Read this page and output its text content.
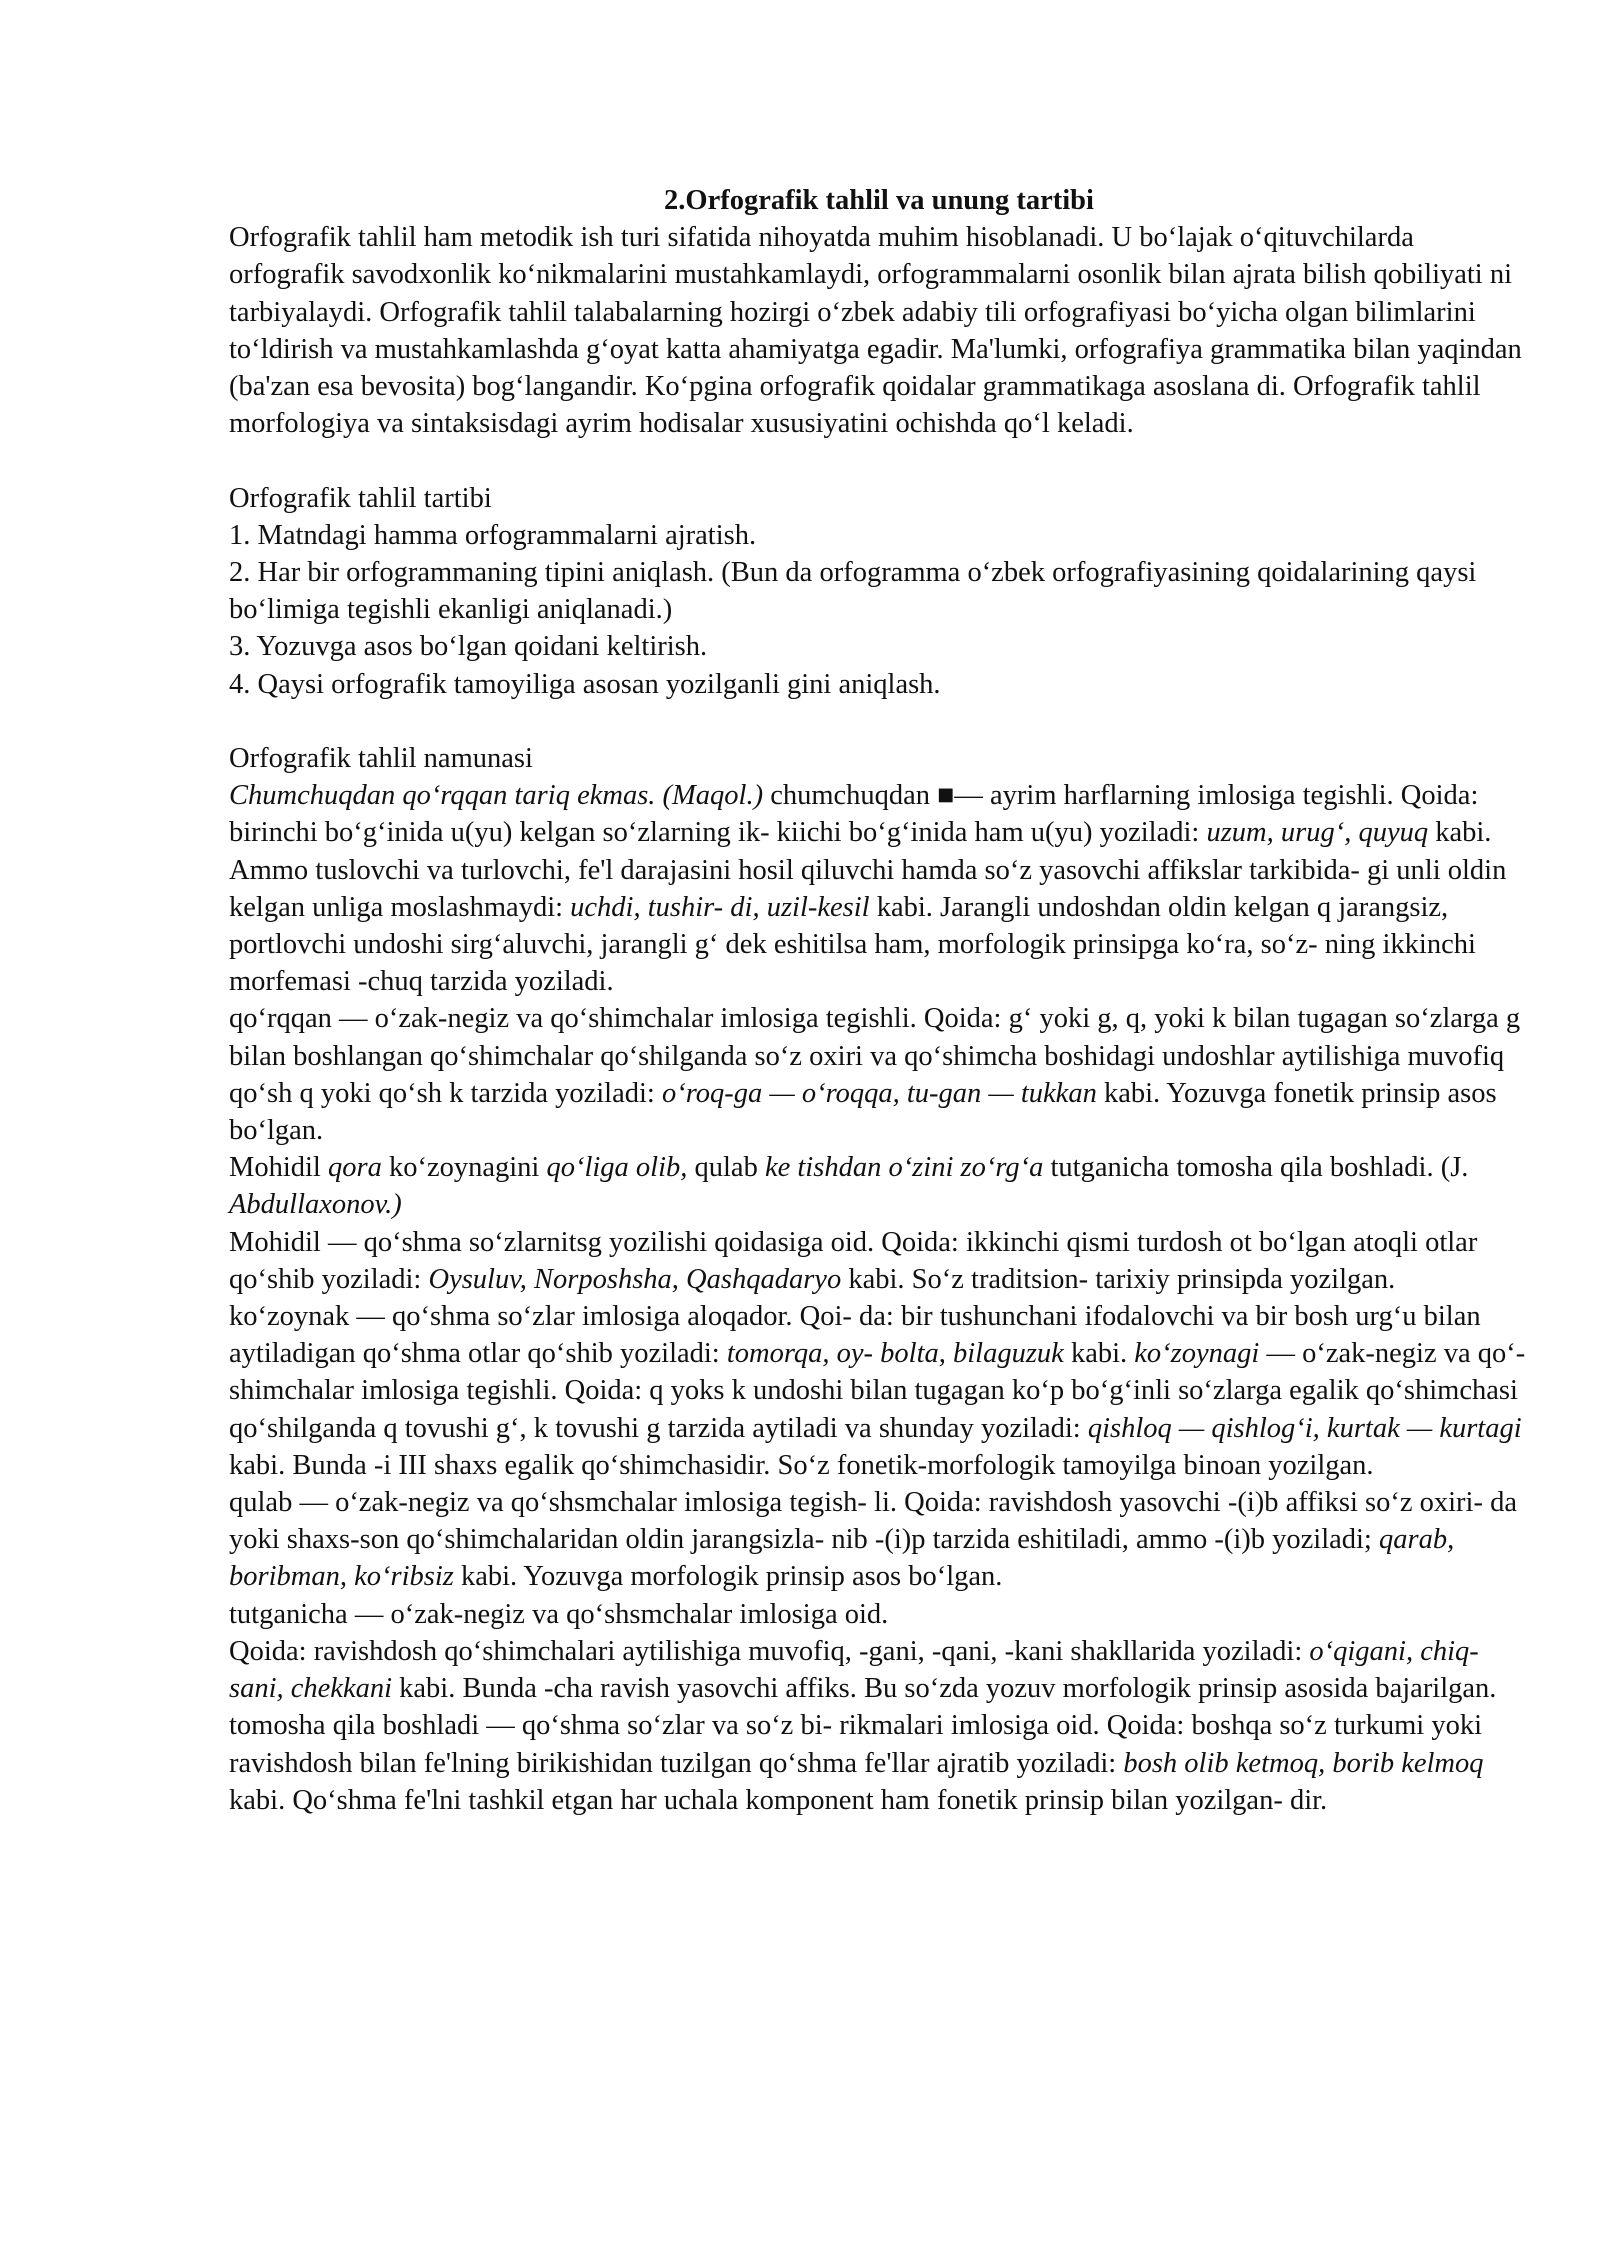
2.Orfografik tahlil va unung tartibi

Orfografik tahlil ham metodik ish turi sifatida nihoyatda muhim hisoblanadi. U bo‘lajak o‘qituvchilarda orfografik savodxonlik ko‘nikmalarini mustahkamlaydi, orfogrammalarni osonlik bilan ajrata bilish qobiliyati ni tarbiyalaydi. Orfografik tahlil talabalarning hozirgi o‘zbek adabiy tili orfografiyasi bo‘yicha olgan bilimlarini to‘ldirish va mustahkamlashda g‘oyat katta ahamiyatga egadir. Ma'lumki, orfografiya grammatika bilan yaqindan (ba'zan esa bevosita) bog‘langandir. Ko‘pgina orfografik qoidalar grammatikaga asoslana di. Orfografik tahlil morfologiya va sintaksisdagi ayrim hodisalar xususiyatini ochishda qo‘l keladi.

Orfografik tahlil tartibi

1. Matndagi hamma orfogrammalarni ajratish.

2. Har bir orfogrammaning tipini aniqlash. (Bun da orfogramma o‘zbek orfografiyasining qoidalarining qaysi bo‘limiga tegishli ekanligi aniqlanadi.)

3. Yozuvga asos bo‘lgan qoidani keltirish.

4. Qaysi orfografik tamoyiliga asosan yozilganli gini aniqlash.

Orfografik tahlil namunasi

Chumchuqdan qo‘rqqan tariq ekmas. (Maqol.) chumchuqdan ■— ayrim harflarning imlosiga tegishli. Qoida: birinchi bo‘g‘inida u(yu) kelgan so‘zlarning ik- kiichi bo‘g‘inida ham u(yu) yoziladi: uzum, urug‘, quyuq kabi. Ammo tuslovchi va turlovchi, fe'l darajasini hosil qiluvchi hamda so‘z yasovchi affikslar tarkibida- gi unli oldin kelgan unliga moslashmaydi: uchdi, tushir- di, uzil-kesil kabi. Jarangli undoshdan oldin kelgan q jarangsiz, portlovchi undoshi sirg‘aluvchi, jarangli g‘ dek eshitilsa ham, morfologik prinsipga ko‘ra, so‘z- ning ikkinchi morfemasi -chuq tarzida yoziladi.

qo‘rqqan — o‘zak-negiz va qo‘shimchalar imlosiga tegishli. Qoida: g‘ yoki g, q, yoki k bilan tugagan so‘zlarga g bilan boshlangan qo‘shimchalar qo‘shilganda so‘z oxiri va qo‘shimcha boshidagi undoshlar aytilishiga muvofiq qo‘sh q yoki qo‘sh k tarzida yoziladi: o‘roq-ga — o‘roqqa, tu-gan — tukkan kabi. Yozuvga fonetik prinsip asos bo‘lgan.

Mohidil qora ko‘zoynagini qo‘liga olib, qulab ke tishdan o‘zini zo‘rg‘a tutganicha tomosha qila boshladi. (J. Abdullaxonov.)

Mohidil — qo‘shma so‘zlarnitsg yozilishi qoidasiga oid. Qoida: ikkinchi qismi turdosh ot bo‘lgan atoqli otlar qo‘shib yoziladi: Oysuluv, Norposhsha, Qashqadaryo kabi. So‘z traditsion- tarixiy prinsipda yozilgan.

ko‘zoynak — qo‘shma so‘zlar imlosiga aloqador. Qoi- da: bir tushunchani ifodalovchi va bir bosh urg‘u bilan aytiladigan qo‘shma otlar qo‘shib yoziladi: tomorqa, oy- bolta, bilaguzuk kabi. ko‘zoynagi — o‘zak-negiz va qo‘- shimchalar imlosiga tegishli. Qoida: q yoks k undoshi bilan tugagan ko‘p bo‘g‘inli so‘zlarga egalik qo‘shimchasi qo‘shilganda q tovushi g‘, k tovushi g tarzida aytiladi va shunday yoziladi: qishloq — qishlog‘i, kurtak — kurtagi kabi. Bunda -i III shaxs egalik qo‘shimchasidir. So‘z fonetik-morfologik tamoyilga binoan yozilgan.

qulab — o‘zak-negiz va qo‘shsmchalar imlosiga tegish- li. Qoida: ravishdosh yasovchi -(i)b affiksi so‘z oxiri- da yoki shaxs-son qo‘shimchalaridan oldin jarangsizla- nib -(i)p tarzida eshitiladi, ammo -(i)b yoziladi; qarab, boribman, ko‘ribsiz kabi. Yozuvga morfologik prinsip asos bo‘lgan.

tutganicha — o‘zak-negiz va qo‘shsmchalar imlosiga oid.

Qoida: ravishdosh qo‘shimchalari aytilishiga muvofiq, -gani, -qani, -kani shakllarida yoziladi: o‘qigani, chiq- sani, chekkani kabi. Bunda -cha ravish yasovchi affiks. Bu so‘zda yozuv morfologik prinsip asosida bajarilgan.

tomosha qila boshladi — qo‘shma so‘zlar va so‘z bi- rikmalari imlosiga oid. Qoida: boshqa so‘z turkumi yoki ravishdosh bilan fe'lning birikishidan tuzilgan qo‘shma fe'llar ajratib yoziladi: bosh olib ketmoq, borib kelmoq kabi. Qo‘shma fe'lni tashkil etgan har uchala komponent ham fonetik prinsip bilan yozilgan- dir.
